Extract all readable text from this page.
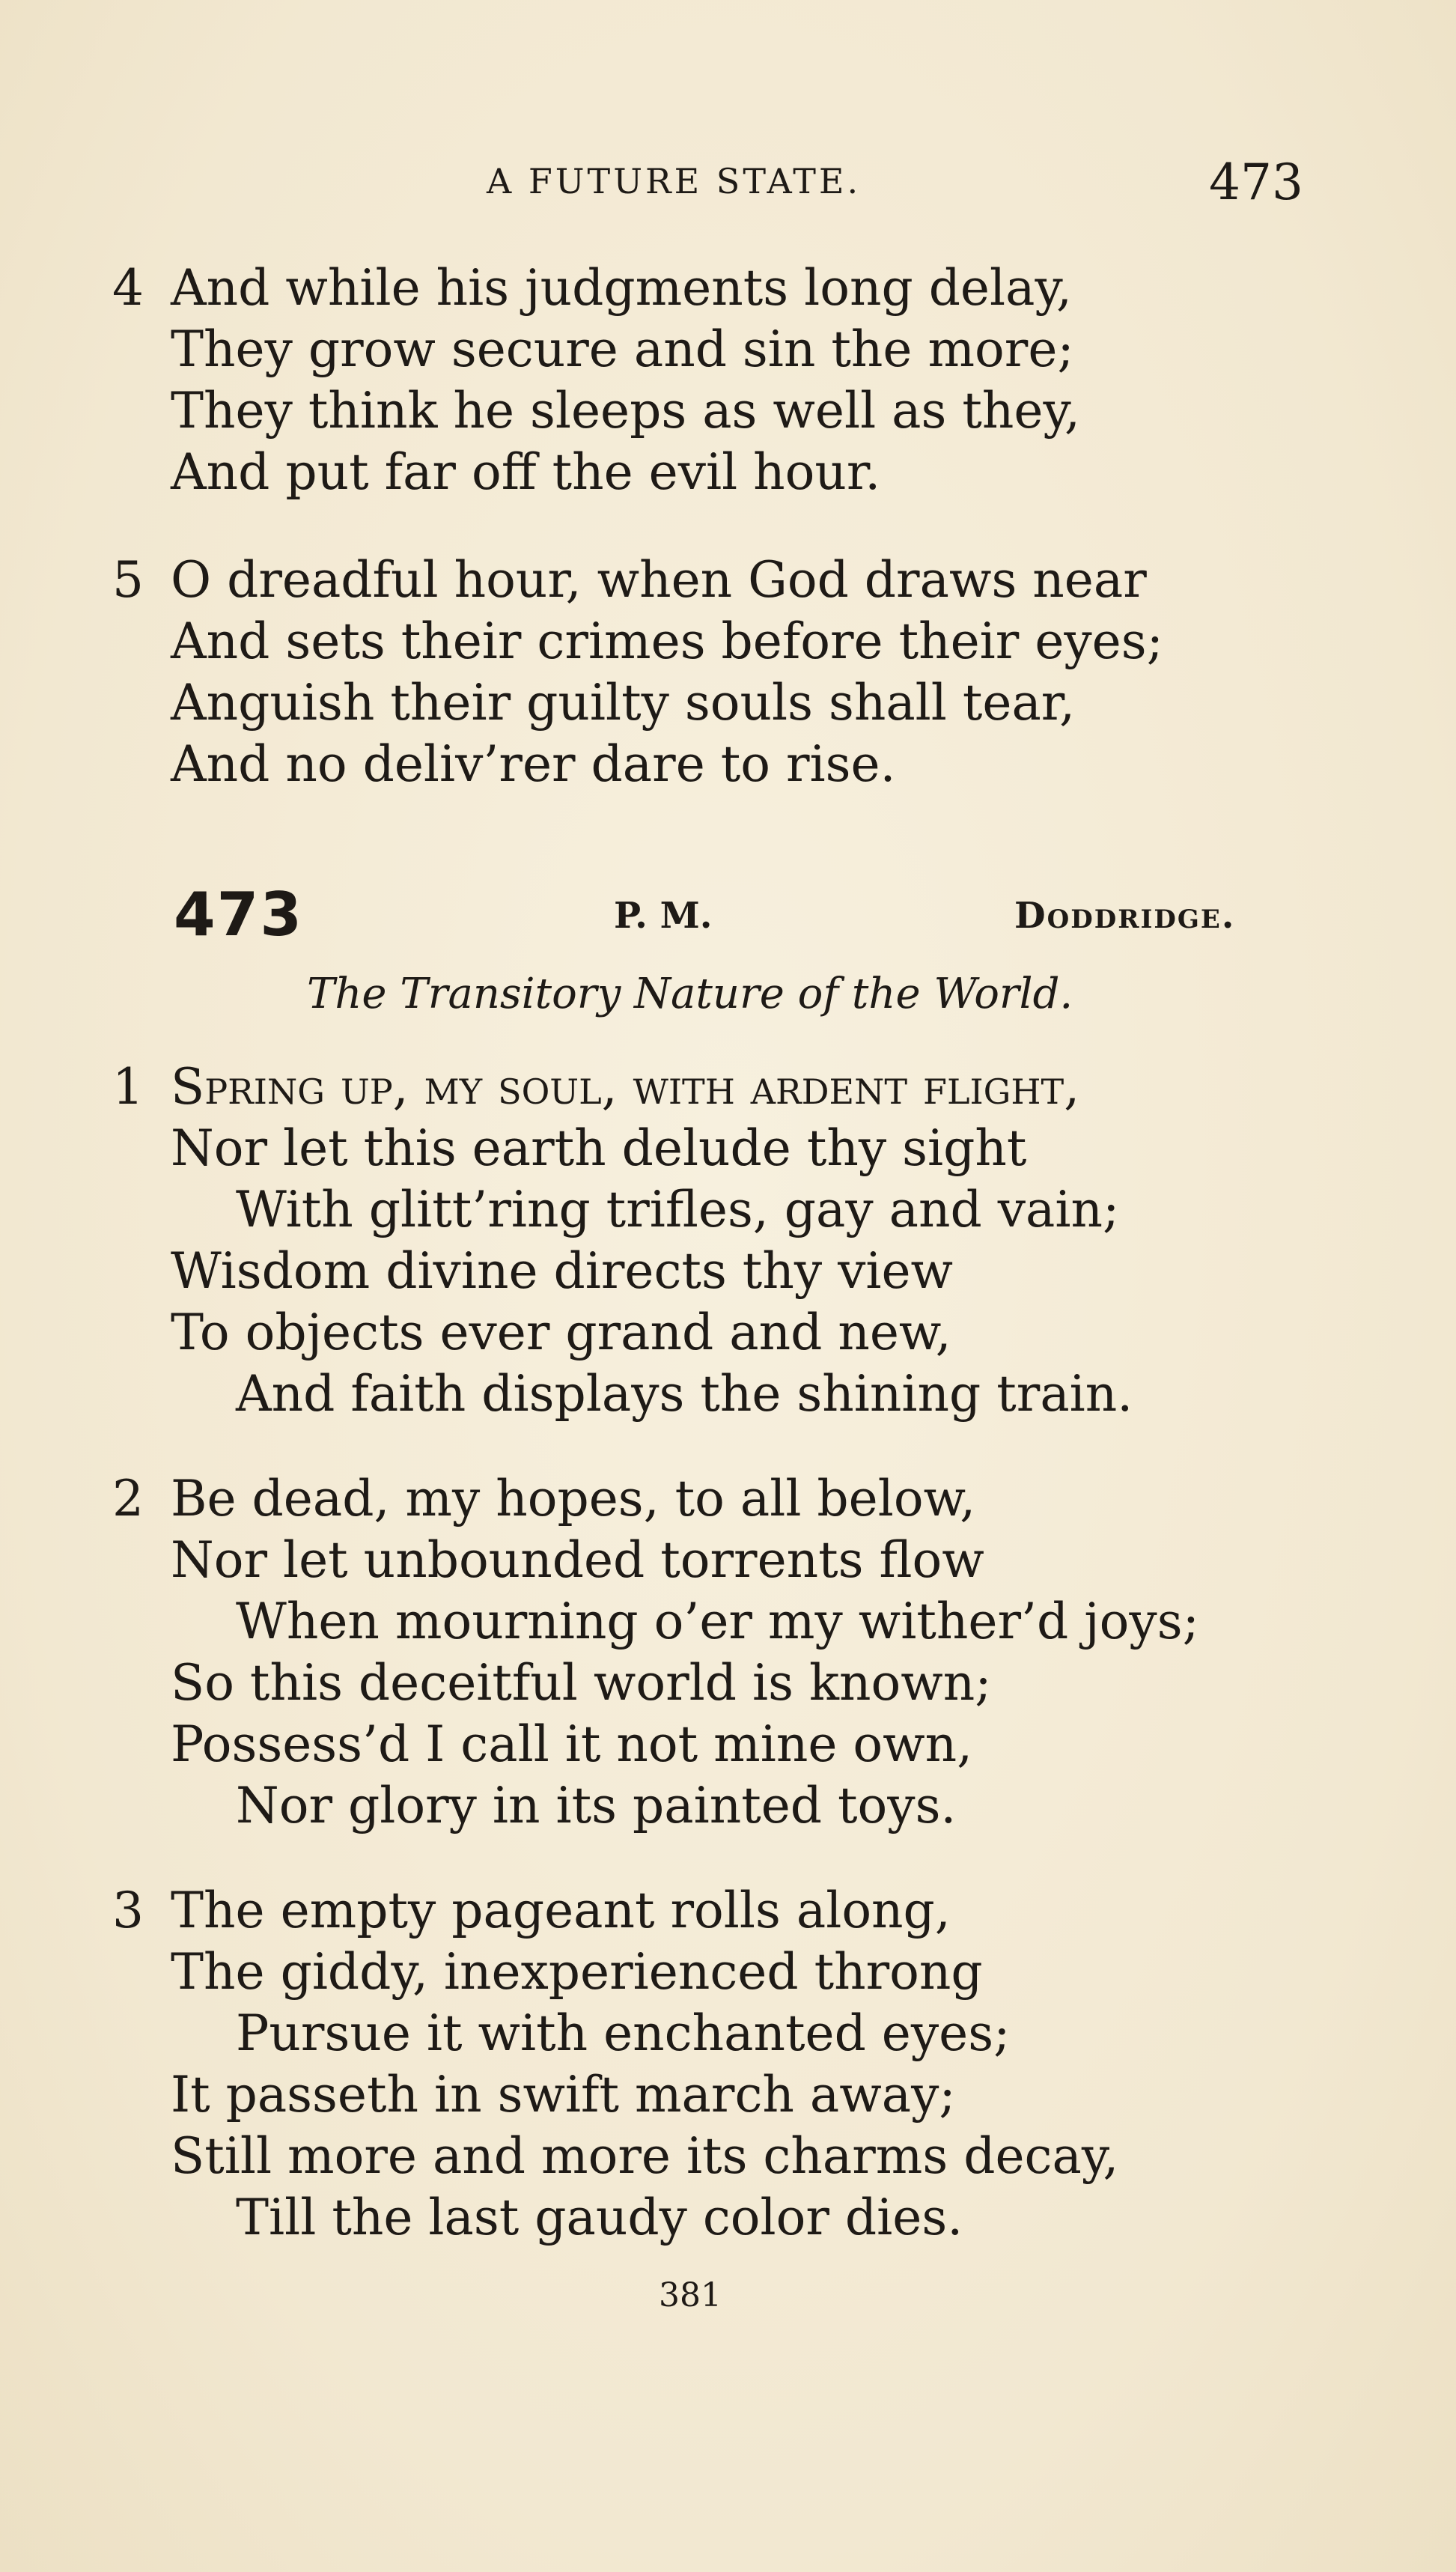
A FUTURE STATE.	473
4 And while his judgments long delay,
They grow secure and sin the more;
They think he sleeps as well as they,
And put far off the evil hour.
5 O dreadful hour, when God draws near
And sets their crimes before their eyes;
Anguish their guilty souls shall tear,
And no deliv’rer dare to rise.
473	P. M.	Doddridge.
The Transitory Nature of the World.
1 Spring up, my soul, with ardent flight,
Nor let this earth delude thy sight
With glitt’ring trifles, gay and vain;
Wisdom divine directs thy view
To objects ever grand and new,
And faith displays the shining train.
2 Be dead, my hopes, to all below,
Nor let unbounded torrents flow
When mourning o’er my wither’d joys;
So this deceitful world is known;
Possess’d I call it not mine own,
Nor glory in its painted toys.
3 The empty pageant rolls along,
The giddy, inexperienced throng
Pursue it with enchanted eyes;
It passeth in swift march away;
Still more and more its charms decay,
Till the last gaudy color dies.
381
